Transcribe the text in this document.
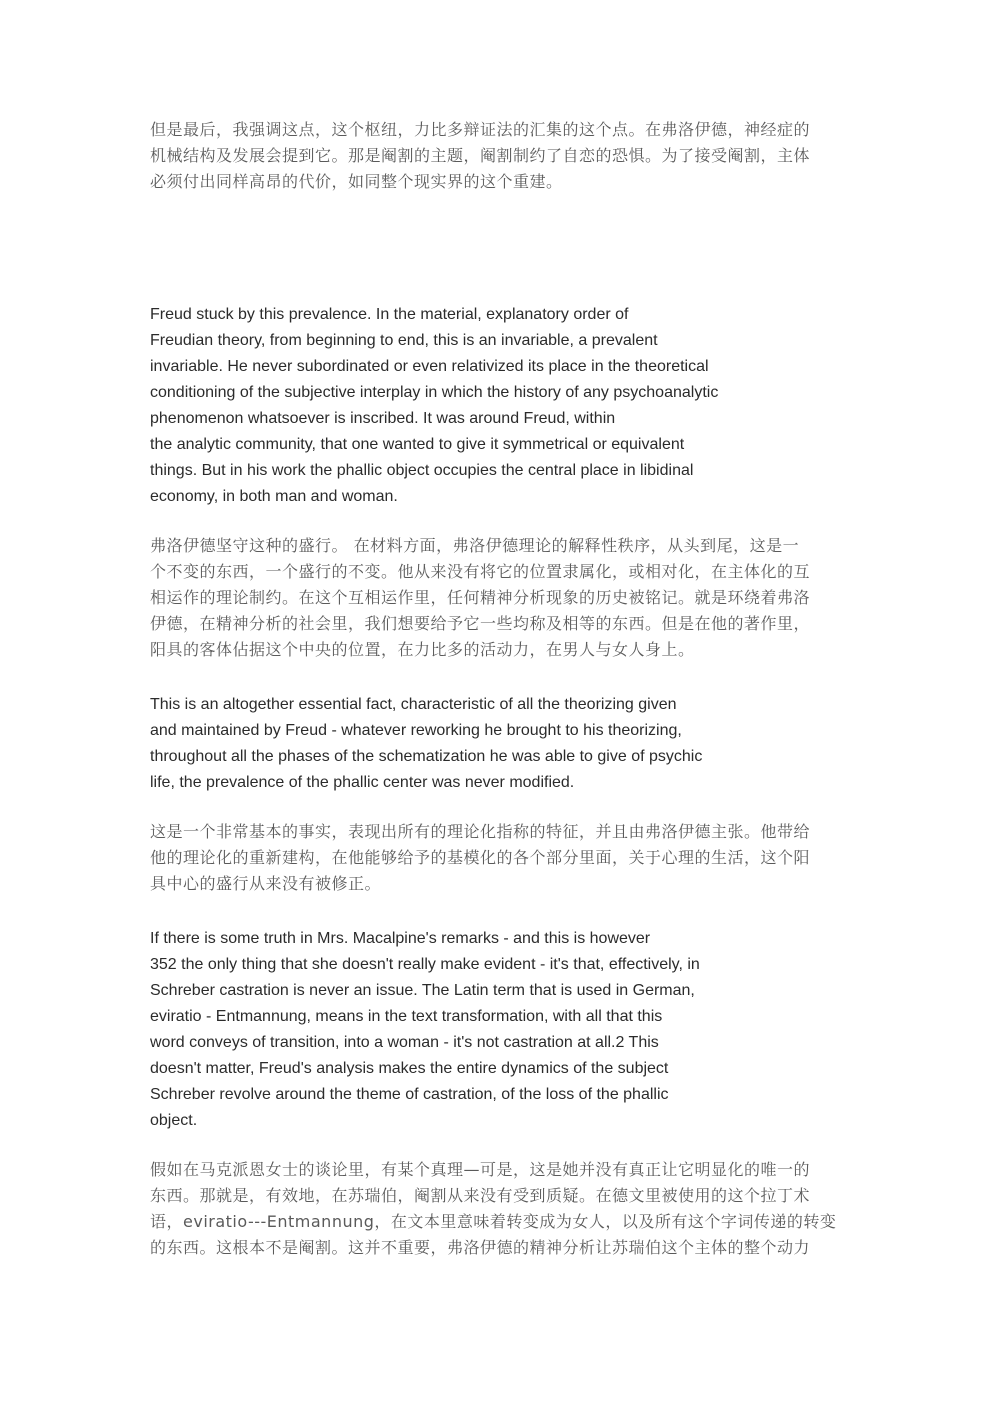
但是最后，我强调这点，这个枢纽，力比多辩证法的汇集的这个点。在弗洛伊德，神经症的
机械结构及发展会提到它。那是阉割的主题，阉割制约了自恋的恐惧。为了接受阉割，主体
必须付出同样高昂的代价，如同整个现实界的这个重建。

Freud stuck by this prevalence. In the material, explanatory order of
Freudian theory, from beginning to end, this is an invariable, a prevalent
invariable. He never subordinated or even relativized its place in the theoretical
conditioning of the subjective interplay in which the history of any psychoanalytic
phenomenon whatsoever is inscribed. It was around Freud, within
the analytic community, that one wanted to give it symmetrical or equivalent
things. But in his work the phallic object occupies the central place in libidinal
economy, in both man and woman.

弗洛伊德坚守这种的盛行。 在材料方面，弗洛伊德理论的解释性秩序，从头到尾，这是一
个不变的东西，一个盛行的不变。他从来没有将它的位置隶属化，或相对化，在主体化的互
相运作的理论制约。在这个互相运作里，任何精神分析现象的历史被铭记。就是环绕着弗洛
伊德，在精神分析的社会里，我们想要给予它一些均称及相等的东西。但是在他的著作里，
阳具的客体佔据这个中央的位置，在力比多的活动力，在男人与女人身上。

This is an altogether essential fact, characteristic of all the theorizing given
and maintained by Freud - whatever reworking he brought to his theorizing,
throughout all the phases of the schematization he was able to give of psychic
life, the prevalence of the phallic center was never modified.

这是一个非常基本的事实，表现出所有的理论化指称的特征，并且由弗洛伊德主张。他带给
他的理论化的重新建构，在他能够给予的基模化的各个部分里面，关于心理的生活，这个阳
具中心的盛行从来没有被修正。

If there is some truth in Mrs. Macalpine's remarks - and this is however
352 the only thing that she doesn't really make evident - it's that, effectively, in
Schreber castration is never an issue. The Latin term that is used in German,
eviratio - Entmannung, means in the text transformation, with all that this
word conveys of transition, into a woman - it's not castration at all.2 This
doesn't matter, Freud's analysis makes the entire dynamics of the subject
Schreber revolve around the theme of castration, of the loss of the phallic
object.

假如在马克派恩女士的谈论里，有某个真理—可是，这是她并没有真正让它明显化的唯一的
东西。那就是，有效地，在苏瑞伯，阉割从来没有受到质疑。在德文里被使用的这个拉丁术
语，eviratio---Entmannung，在文本里意味着转变成为女人，以及所有这个字词传递的转变
的东西。这根本不是阉割。这并不重要，弗洛伊德的精神分析让苏瑞伯这个主体的整个动力
